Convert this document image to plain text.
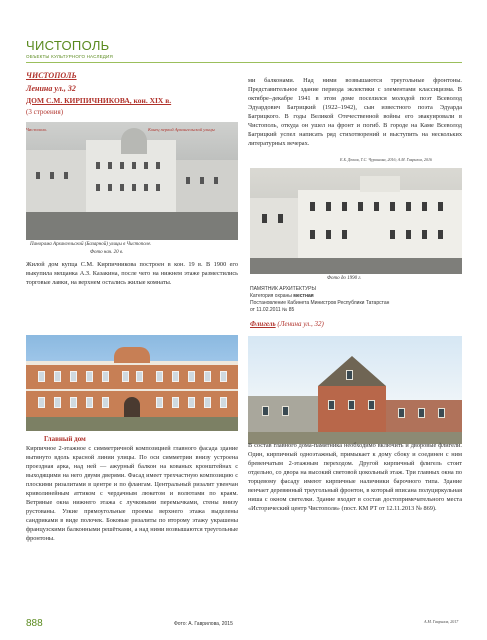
ЧИСТОПОЛЬ
ОБЪЕКТЫ КУЛЬТУРНОГО НАСЛЕДИЯ
ЧИСТОПОЛЬ
Ленина ул., 32
ДОМ С.М. КИРПИЧНИКОВА, кон. XIX в.
(3 строения)
Чистополь	Конец первой Архангельской улицы
Панорама Архангельской (Базарной) улицы в Чистополе.
Фото нач. 20 в.
Жилой дом купца С.М. Кирпичникова построен в кон. 19 в. В 1900 его выкупила мещанка А.З. Казакина, после чего на нижнем этаже разместились торговые лавки, на верхнем остались жилые комнаты.
ми балконами. Над ними возвышаются треугольные фронтоны. Представительное здание периода эклектики с элементами классицизма. В октябре–декабре 1941 в этом доме поселился молодой поэт Всеволод Эдуардович Багрицкий (1922–1942), сын известного поэта Эдуарда Багрицкого. В годы Великой Отечественной войны его эвакуировали в Чистополь, откуда он ушел на фронт и погиб. В городе на Каме Всеволод Багрицкий успел написать ряд стихотворений и выступить на нескольких литературных вечерах.
Е.Б. Дюков, Т.С. Чурашова, 2016; А.М. Гаврилов, 2016
Фото до 1990 г.
ПАМЯТНИК АРХИТЕКТУРЫ
Категория охраны местная
Постановление Кабинета Министров Республики Татарстан
от 11.02.2011 № 85
Флигель (Ленина ул., 32)
Главный дом
Кирпичное 2-этажное с симметричной композицией главного фасада здание вытянуто вдоль красной линии улицы. По оси симметрии внизу устроена проездная арка, над ней — ажурный балкон на кованых кронштейнах с выходящими на него двумя дверями. Фасад имеет трехчастную композицию с плоскими ризалитами в центре и по флангам. Центральный ризалит увенчан криволинейным аттиком с чердачным люкетом и волютами по краям. Ветряные окна нижнего этажа с лучковыми перемычками, стены внизу рустованы. Узкие прямоугольные проемы верхнего этажа выделены сандриками в виде полочек. Боковые ризалиты по второму этажу украшены французскими балконными решётками, а над ними возвышаются треугольные фронтоны.
В состав главного дома-памятника необходимо включить и дворовые флигели. Один, кирпичный одноэтажный, примыкает к дому сбоку и соединен с ним бревенчатым 2-этажным переходом. Другой кирпичный флигель стоит отдельно, со двора на высокий световой цокольный этаж. Три главных окна по торцевому фасаду имеют кирпичные наличники барочного типа. Здание венчает деревянный треугольный фронтон, в который вписана полуциркульная ниша с окном светелки. Здание входит в состав достопримечательного места «Исторический центр Чистополя» (пост. КМ РТ от 12.11.2013 № 869).
А.М. Гаврилов, 2017
888	Фото: А. Гаврилова, 2015
